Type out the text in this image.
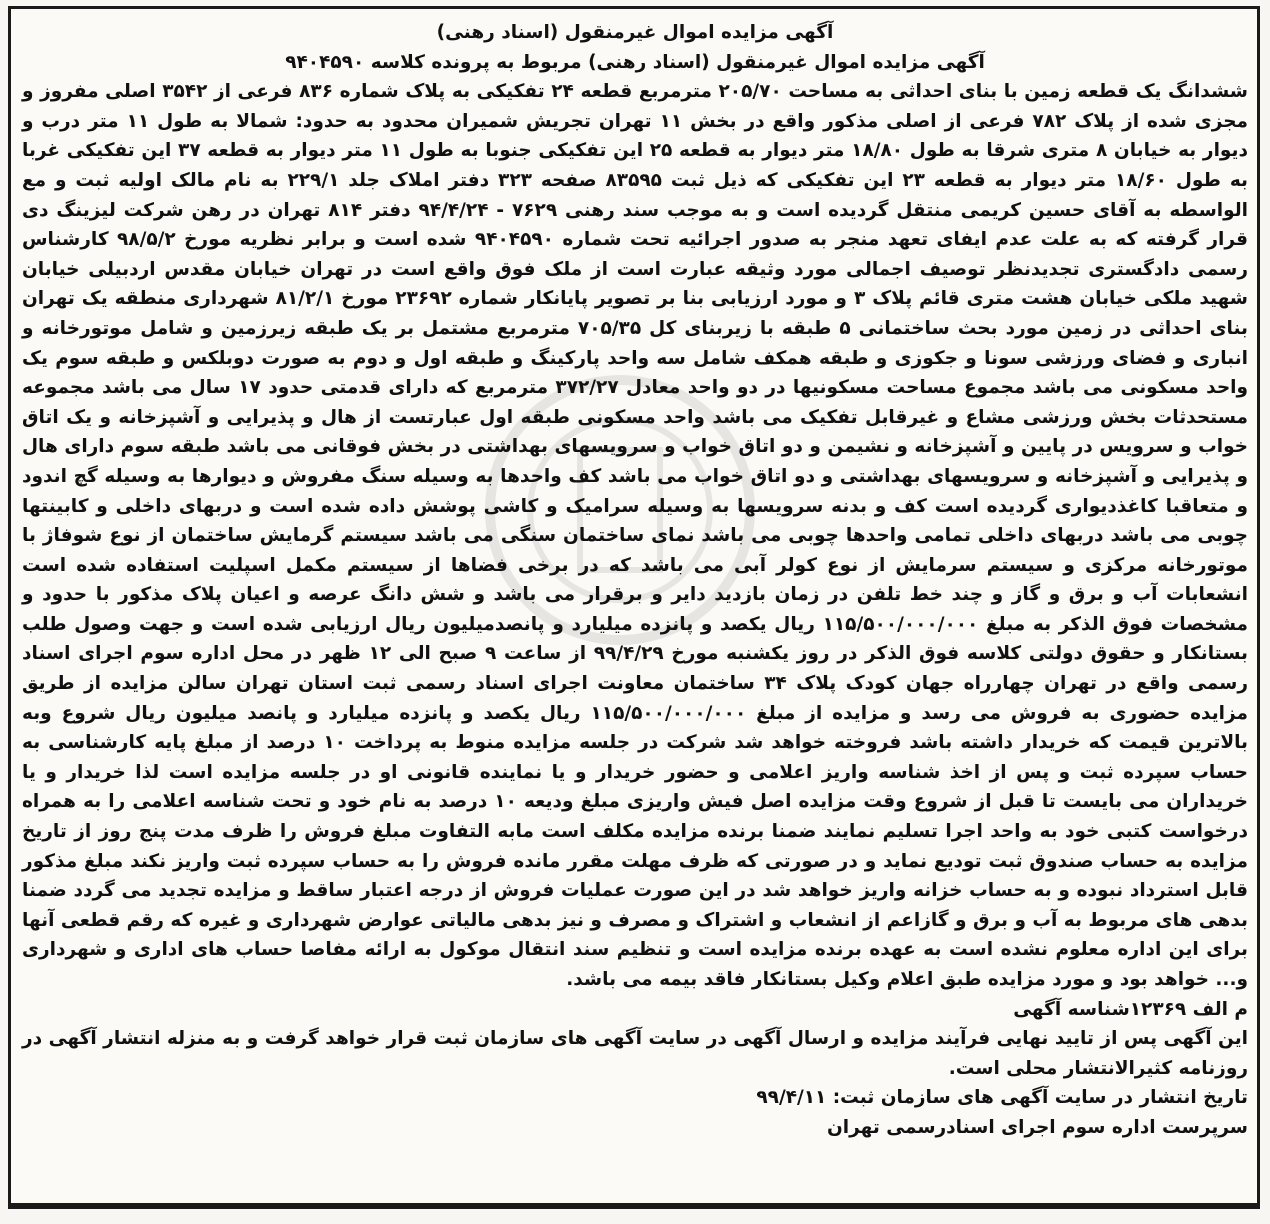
آگهی مزایده اموال غیرمنقول (اسناد رهنی)

آگهی مزایده اموال غیرمنقول (اسناد رهنی) مربوط به پرونده کلاسه ۹۴۰۴۵۹۰

ششدانگ یک قطعه زمین با بنای احداثی به مساحت ۲۰۵/۷۰ مترمربع قطعه ۲۴ تفکیکی به پلاک شماره ۸۳۶ فرعی از ۳۵۴۲ اصلی مفروز و مجزی شده از پلاک ۷۸۲ فرعی از اصلی مذکور واقع در بخش ۱۱ تهران تجریش شمیران محدود به حدود: شمالا به طول ۱۱ متر درب و دیوار به خیابان ۸ متری شرقا به طول ۱۸/۸۰ متر دیوار به قطعه ۲۵ این تفکیکی جنوبا به طول ۱۱ متر دیوار به قطعه ۳۷ این تفکیکی غربا به طول ۱۸/۶۰ متر دیوار به قطعه ۲۳ این تفکیکی که ذیل ثبت ۸۳۵۹۵ صفحه ۳۲۳ دفتر املاک جلد ۲۲۹/۱ به نام مالک اولیه ثبت و مع الواسطه به آقای حسین کریمی منتقل گردیده است و به موجب سند رهنی ۷۶۲۹ - ۹۴/۴/۲۴ دفتر ۸۱۴ تهران در رهن شرکت لیزینگ دی قرار گرفته که به علت عدم ایفای تعهد منجر به صدور اجرائیه تحت شماره ۹۴۰۴۵۹۰ شده است و برابر نظریه مورخ ۹۸/۵/۲ کارشناس رسمی دادگستری تجدیدنظر توصیف اجمالی مورد وثیقه عبارت است از ملک فوق واقع است در تهران خیابان مقدس اردبیلی خیابان شهید ملکی خیابان هشت متری قائم پلاک ۳ و مورد ارزیابی بنا بر تصویر پایانکار شماره ۲۳۶۹۲ مورخ ۸۱/۲/۱ شهرداری منطقه یک تهران بنای احداثی در زمین مورد بحث ساختمانی ۵ طبقه با زیربنای کل ۷۰۵/۳۵ مترمربع مشتمل بر یک طبقه زیرزمین و شامل موتورخانه و انباری و فضای ورزشی سونا و جکوزی و طبقه همکف شامل سه واحد پارکینگ و طبقه اول و دوم به صورت دوبلکس و طبقه سوم یک واحد مسکونی می باشد مجموع مساحت مسکونیها در دو واحد معادل ۳۷۲/۲۷ مترمربع که دارای قدمتی حدود ۱۷ سال می باشد مجموعه مستحدثات بخش ورزشی مشاع و غیرقابل تفکیک می باشد واحد مسکونی طبقه اول عبارتست از هال و پذیرایی و آشپزخانه و یک اتاق خواب و سرویس در پایین و آشپزخانه و نشیمن و دو اتاق خواب و سرویسهای بهداشتی در بخش فوقانی می باشد طبقه سوم دارای هال و پذیرایی و آشپزخانه و سرویسهای بهداشتی و دو اتاق خواب می باشد کف واحدها به وسیله سنگ مفروش و دیوارها به وسیله گچ اندود و متعاقبا کاغذدیواری گردیده است کف و بدنه سرویسها به وسیله سرامیک و کاشی پوشش داده شده است و دربهای داخلی و کابینتها چوبی می باشد دربهای داخلی تمامی واحدها چوبی می باشد نمای ساختمان سنگی می باشد سیستم گرمایش ساختمان از نوع شوفاژ با موتورخانه مرکزی و سیستم سرمایش از نوع کولر آبی می باشد که در برخی فضاها از سیستم مکمل اسپلیت استفاده شده است انشعابات آب و برق و گاز و چند خط تلفن در زمان بازدید دایر و برقرار می باشد و شش دانگ عرصه و اعیان پلاک مذکور با حدود و مشخصات فوق الذکر به مبلغ ۱۱۵/۵۰۰/۰۰۰/۰۰۰ ریال یکصد و پانزده میلیارد و پانصدمیلیون ریال ارزیابی شده است و جهت وصول طلب بستانکار و حقوق دولتی کلاسه فوق الذکر در روز یکشنبه مورخ ۹۹/۴/۲۹ از ساعت ۹ صبح الی ۱۲ ظهر در محل اداره سوم اجرای اسناد رسمی واقع در تهران چهارراه جهان کودک پلاک ۳۴ ساختمان معاونت اجرای اسناد رسمی ثبت استان تهران سالن مزایده از طریق مزایده حضوری به فروش می رسد و مزایده از مبلغ ۱۱۵/۵۰۰/۰۰۰/۰۰۰ ریال یکصد و پانزده میلیارد و پانصد میلیون ریال شروع وبه بالاترین قیمت که خریدار داشته باشد فروخته خواهد شد شرکت در جلسه مزایده منوط به پرداخت ۱۰ درصد از مبلغ پایه کارشناسی به حساب سپرده ثبت و پس از اخذ شناسه واریز اعلامی و حضور خریدار و یا نماینده قانونی او در جلسه مزایده است لذا خریدار و یا خریداران می بایست تا قبل از شروع وقت مزایده اصل فیش واریزی مبلغ ودیعه ۱۰ درصد به نام خود و تحت شناسه اعلامی را به همراه درخواست کتبی خود به واحد اجرا تسلیم نمایند ضمنا برنده مزایده مکلف است مابه التفاوت مبلغ فروش را ظرف مدت پنج روز از تاریخ مزایده به حساب صندوق ثبت تودیع نماید و در صورتی که ظرف مهلت مقرر مانده فروش را به حساب سپرده ثبت واریز نکند مبلغ مذکور قابل استرداد نبوده و به حساب خزانه واریز خواهد شد در این صورت عملیات فروش از درجه اعتبار ساقط و مزایده تجدید می گردد ضمنا بدهی های مربوط به آب و برق و گازاعم از انشعاب و اشتراک و مصرف و نیز بدهی مالیاتی عوارض شهرداری و غیره که رقم قطعی آنها برای این اداره معلوم نشده است به عهده برنده مزایده است و تنظیم سند انتقال موکول به ارائه مفاصا حساب های اداری و شهرداری و... خواهد بود و مورد مزایده طبق اعلام وکیل بستانکار فاقد بیمه می باشد.

م الف ۱۲۳۶۹شناسه آگهی

این آگهی پس از تایید نهایی فرآیند مزایده و ارسال آگهی در سایت آگهی های سازمان ثبت قرار خواهد گرفت و به منزله انتشار آگهی در روزنامه کثیرالانتشار محلی است.

تاریخ انتشار در سایت آگهی های سازمان ثبت: ۹۹/۴/۱۱

سرپرست اداره سوم اجرای اسنادرسمی تهران
